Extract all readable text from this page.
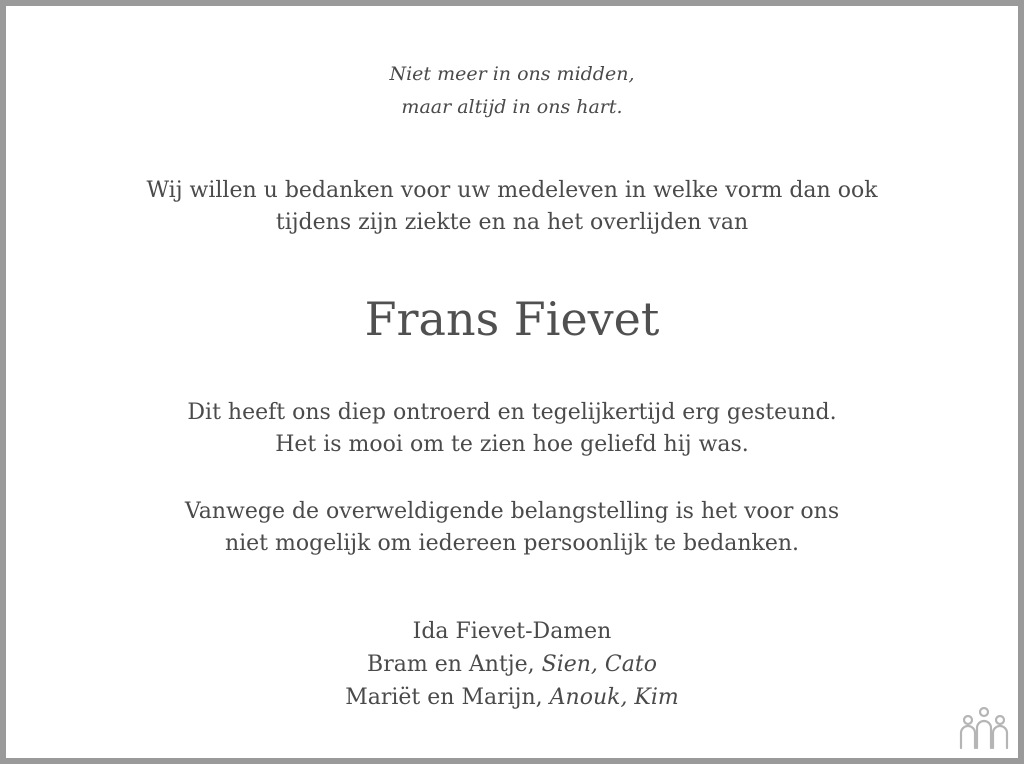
Niet meer in ons midden,
maar altijd in ons hart.
Wij willen u bedanken voor uw medeleven in welke vorm dan ook
tijdens zijn ziekte en na het overlijden van
Frans Fievet
Dit heeft ons diep ontroerd en tegelijkertijd erg gesteund.
Het is mooi om te zien hoe geliefd hij was.
Vanwege de overweldigende belangstelling is het voor ons
niet mogelijk om iedereen persoonlijk te bedanken.
Ida Fievet-Damen
Bram en Antje, Sien, Cato
Mariët en Marijn, Anouk, Kim
